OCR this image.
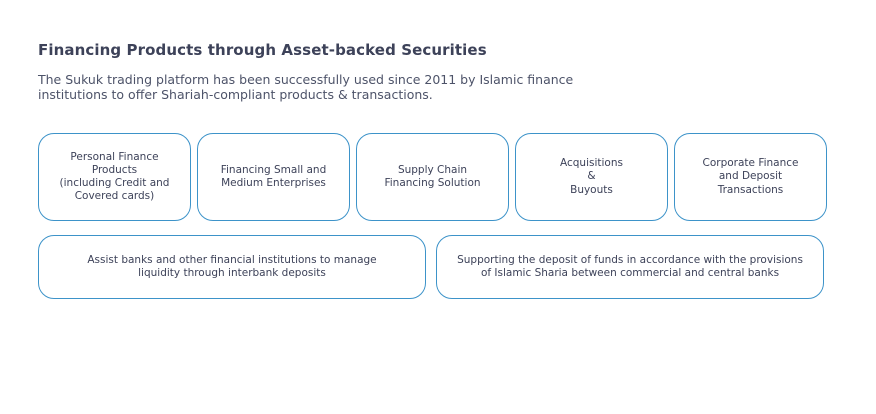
Financing Products through Asset-backed Securities
The Sukuk trading platform has been successfully used since 2011 by Islamic finance institutions to offer Shariah-compliant products & transactions.
Personal Finance
Products
(including Credit and
Covered cards)
Financing Small and
Medium Enterprises
Supply Chain
Financing Solution
Acquisitions
&
Buyouts
Corporate Finance
and Deposit
Transactions
Assist banks and other financial institutions to manage
liquidity through interbank deposits
Supporting the deposit of funds in accordance with the provisions
of Islamic Sharia between commercial and central banks
